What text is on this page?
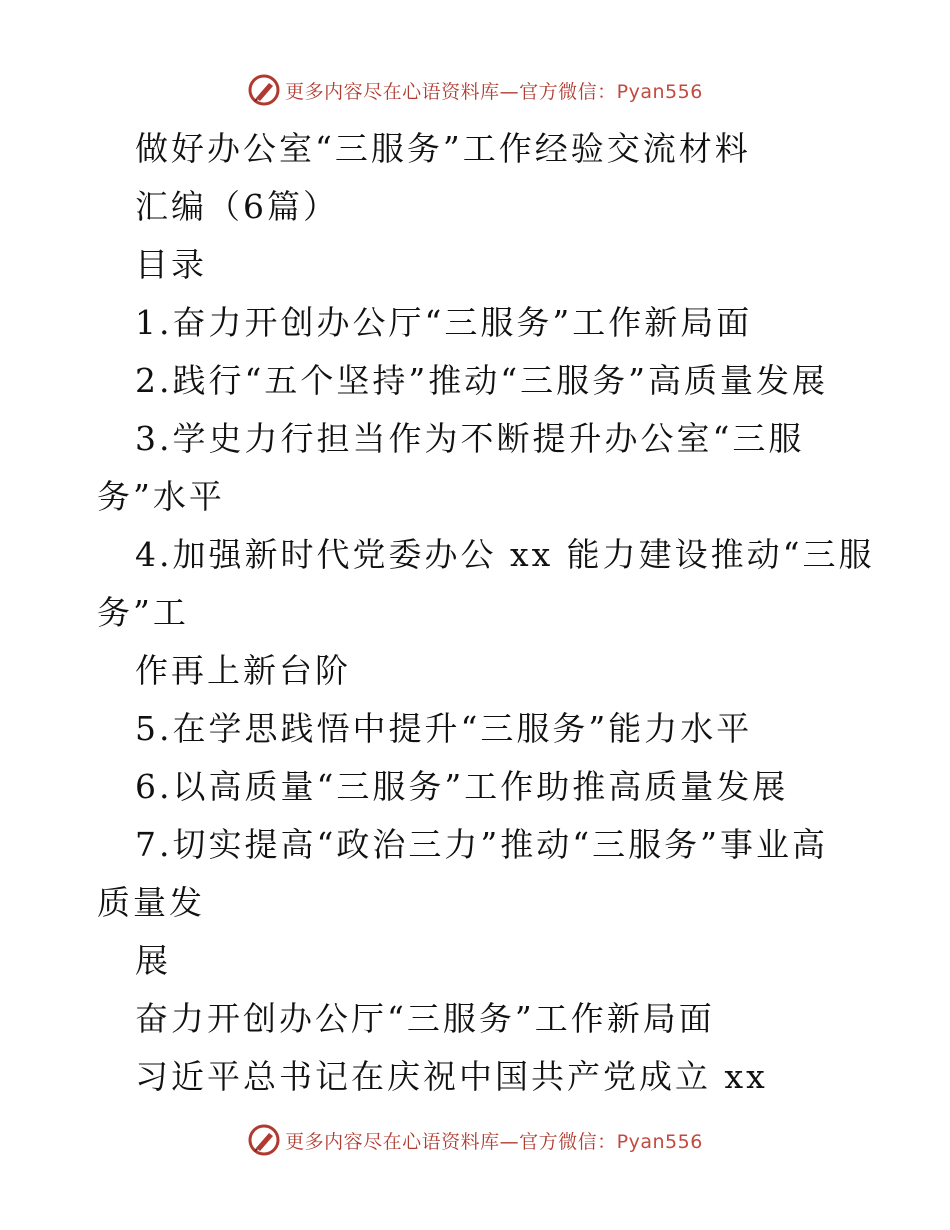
更多内容尽在心语资料库—官方微信：Pyan556
做好办公室“三服务”工作经验交流材料
汇编（6篇）
目录
1.奋力开创办公厅“三服务”工作新局面
2.践行“五个坚持”推动“三服务”高质量发展
3.学史力行担当作为不断提升办公室“三服
务”水平
4.加强新时代党委办公 xx 能力建设推动“三服
务”工
作再上新台阶
5.在学思践悟中提升“三服务”能力水平
6.以高质量“三服务”工作助推高质量发展
7.切实提高“政治三力”推动“三服务”事业高
质量发
展
奋力开创办公厅“三服务”工作新局面
习近平总书记在庆祝中国共产党成立 xx
更多内容尽在心语资料库—官方微信：Pyan556
